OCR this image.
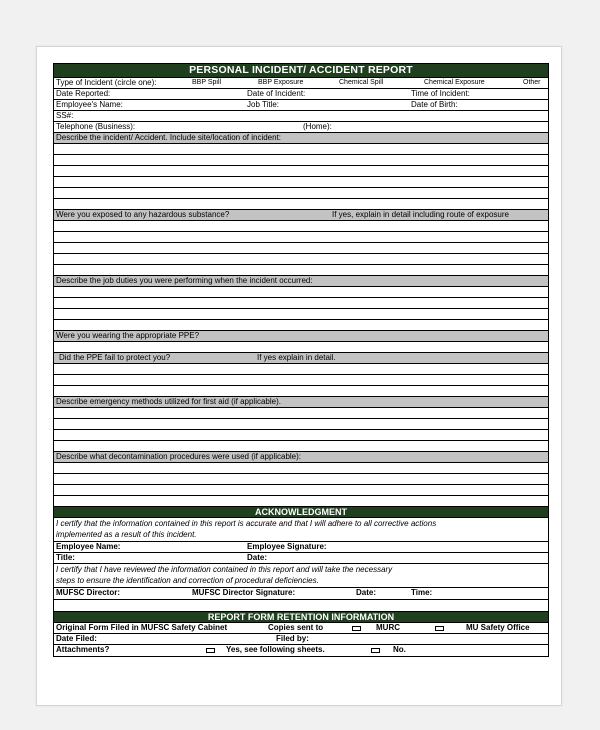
PERSONAL INCIDENT/ ACCIDENT REPORT
Type of Incident (circle one):	BBP Spill	BBP Exposure	Chemical Spill	Chemical Exposure	Other
Date Reported:	Date of Incident:	Time of Incident:
Employee's Name:	Job Title:	Date of Birth:
SS#:
Telephone (Business):	(Home):
Describe the incident/ Accident. Include site/location of incident:
Were you exposed to any hazardous substance?	If yes, explain in detail including route of exposure
Describe the job duties you were performing when the incident occurred:
Were you wearing the appropriate PPE?
Did the PPE fail to protect you?	If yes explain in detail.
Describe emergency methods utilized for first aid (if applicable).
Describe what decontamination procedures were used (if applicable):
ACKNOWLEDGMENT
I certify that the information contained in this report is accurate and that I will adhere to all corrective actions
implemented as a result of this incident.
Employee Name:	Employee Signature:
Title:	Date:
I certify that I have reviewed the information contained in this report and will take the necessary
steps to ensure the identification and correction of procedural deficiencies.
MUFSC Director:	MUFSC Director Signature:	Date:	Time:
REPORT FORM RETENTION INFORMATION
Original Form Filed in MUFSC Safety Cabinet	Copies sent to	MURC	MU Safety Office
Date Filed:	Filed by:
Attachments?	Yes, see following sheets.	No.
